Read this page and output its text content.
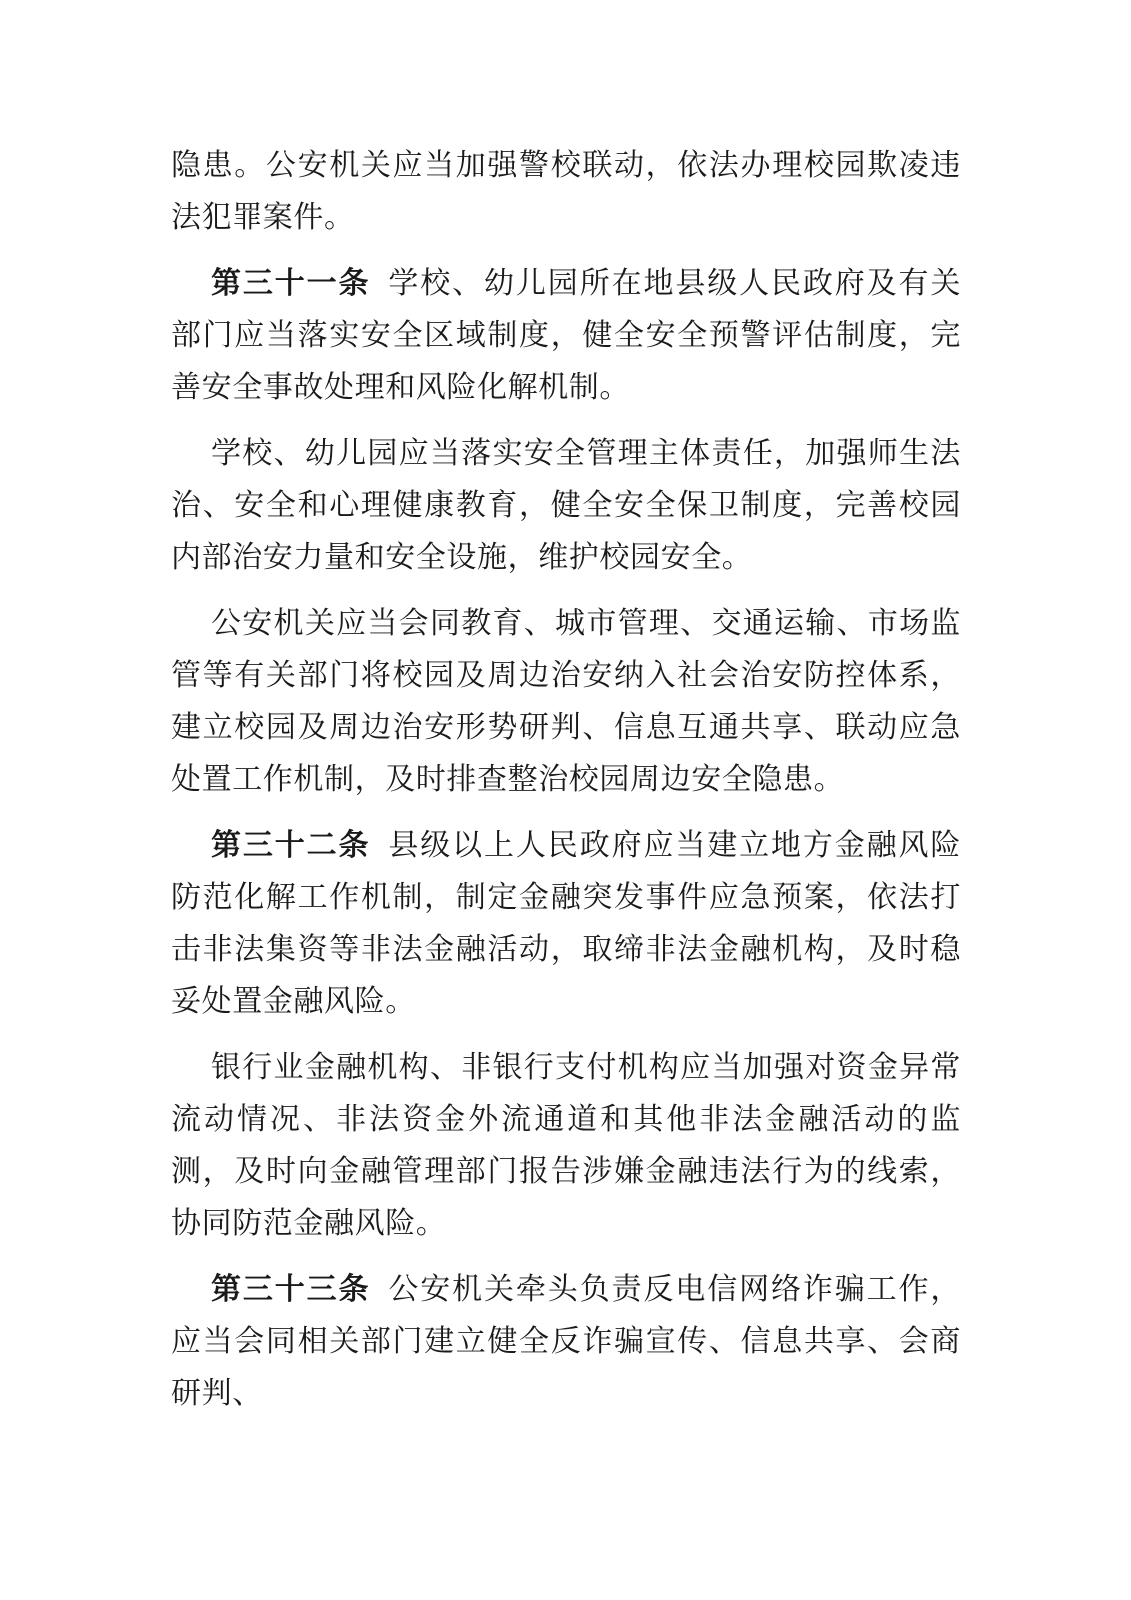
隐患。公安机关应当加强警校联动，依法办理校园欺凌违法犯罪案件。

第三十一条 学校、幼儿园所在地县级人民政府及有关部门应当落实安全区域制度，健全安全预警评估制度，完善安全事故处理和风险化解机制。

学校、幼儿园应当落实安全管理主体责任，加强师生法治、安全和心理健康教育，健全安全保卫制度，完善校园内部治安力量和安全设施，维护校园安全。

公安机关应当会同教育、城市管理、交通运输、市场监管等有关部门将校园及周边治安纳入社会治安防控体系，建立校园及周边治安形势研判、信息互通共享、联动应急处置工作机制，及时排查整治校园周边安全隐患。

第三十二条 县级以上人民政府应当建立地方金融风险防范化解工作机制，制定金融突发事件应急预案，依法打击非法集资等非法金融活动，取缔非法金融机构，及时稳妥处置金融风险。

银行业金融机构、非银行支付机构应当加强对资金异常流动情况、非法资金外流通道和其他非法金融活动的监测，及时向金融管理部门报告涉嫌金融违法行为的线索，协同防范金融风险。

第三十三条 公安机关牵头负责反电信网络诈骗工作，应当会同相关部门建立健全反诈骗宣传、信息共享、会商研判、
